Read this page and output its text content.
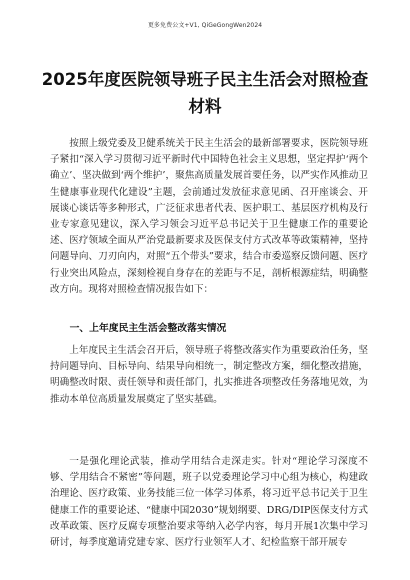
更多免费公文+V1, QiGeGongWen2024
2025年度医院领导班子民主生活会对照检查材料

按照上级党委及卫健系统关于民主生活会的最新部署要求，医院领导班子紧扣“深入学习贯彻习近平新时代中国特色社会主义思想，坚定捍护‘两个确立’、坚决做到‘两个维护’，聚焦高质量发展首要任务，以严实作风推动卫生健康事业现代化建设”主题，会前通过发放征求意见函、召开座谈会、开展谈心谈话等多种形式，广泛征求患者代表、医护职工、基层医疗机构及行业专家意见建议，深入学习领会习近平总书记关于卫生健康工作的重要论述、医疗领域全面从严治党最新要求及医保支付方式改革等政策精神，坚持问题导向、刀刃向内，对照“五个带头”要求，结合市委巡察反馈问题、医疗行业突出风险点，深刻检视自身存在的差距与不足，剖析根源症结，明确整改方向。现将对照检查情况报告如下：

一、上年度民主生活会整改落实情况

上年度民主生活会召开后，领导班子将整改落实作为重要政治任务，坚持问题导向、目标导向、结果导向相统一，制定整改方案，细化整改措施，明确整改时限、责任领导和责任部门，扎实推进各项整改任务落地见效，为推动本单位高质量发展奠定了坚实基础。

一是强化理论武装，推动学用结合走深走实。针对“理论学习深度不够、学用结合不紧密”等问题，班子以党委理论学习中心组为核心，构建政治理论、医疗政策、业务技能三位一体学习体系，将习近平总书记关于卫生健康工作的重要论述、“健康中国2030”规划纲要、DRG/DIP医保支付方式改革政策、医疗反腐专项整治要求等纳入必学内容，每月开展1次集中学习研讨，每季度邀请党建专家、医疗行业领军人才、纪检监察干部开展专
